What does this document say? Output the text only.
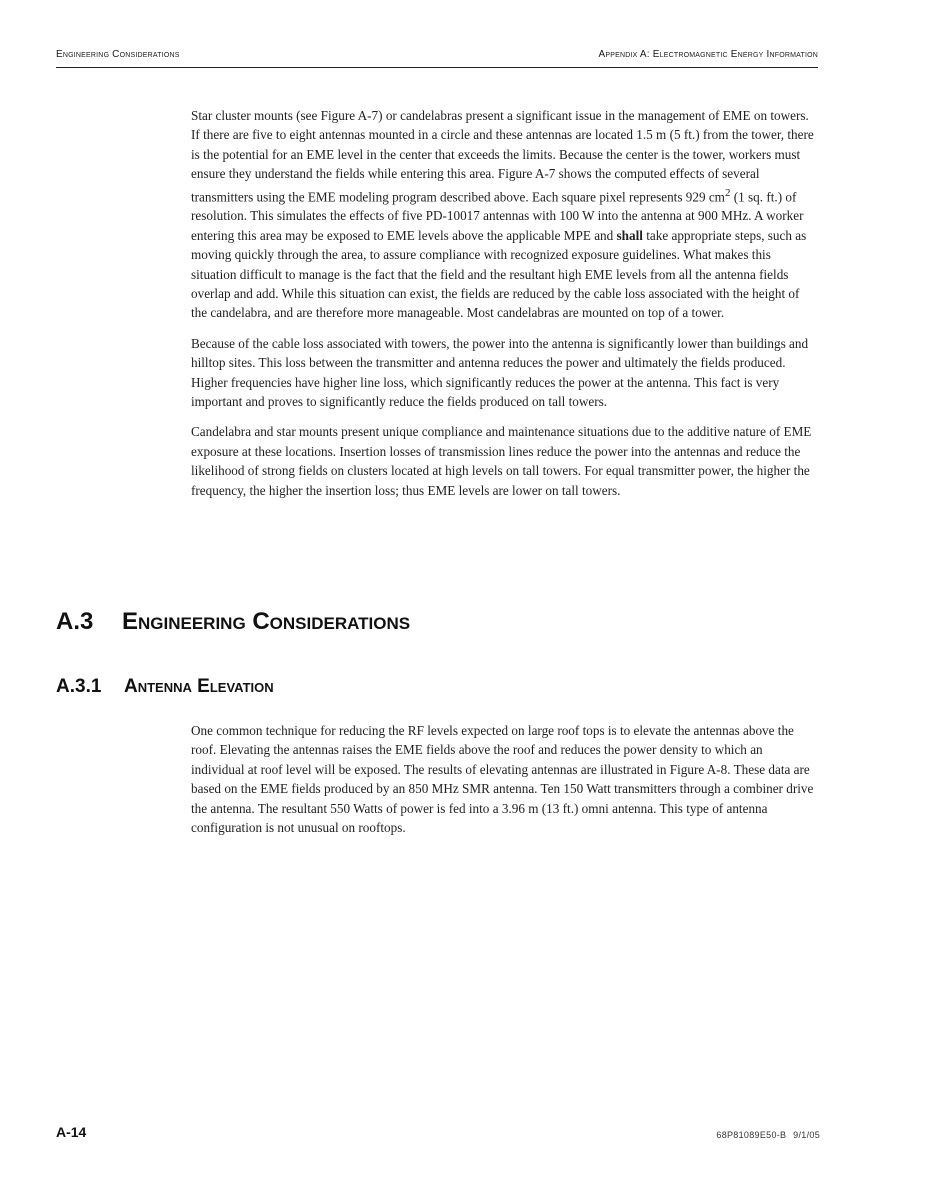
Engineering Considerations	Appendix A: Electromagnetic Energy Information

Star cluster mounts (see Figure A-7) or candelabras present a significant issue in the management of EME on towers. If there are five to eight antennas mounted in a circle and these antennas are located 1.5 m (5 ft.) from the tower, there is the potential for an EME level in the center that exceeds the limits. Because the center is the tower, workers must ensure they understand the fields while entering this area. Figure A-7 shows the computed effects of several transmitters using the EME modeling program described above. Each square pixel represents 929 $cm^2$ (1 sq. ft.) of resolution. This simulates the effects of five PD-10017 antennas with 100 W into the antenna at 900 MHz. A worker entering this area may be exposed to EME levels above the applicable MPE and shall take appropriate steps, such as moving quickly through the area, to assure compliance with recognized exposure guidelines. What makes this situation difficult to manage is the fact that the field and the resultant high EME levels from all the antenna fields overlap and add. While this situation can exist, the fields are reduced by the cable loss associated with the height of the candelabra, and are therefore more manageable. Most candelabras are mounted on top of a tower.

Because of the cable loss associated with towers, the power into the antenna is significantly lower than buildings and hilltop sites. This loss between the transmitter and antenna reduces the power and ultimately the fields produced. Higher frequencies have higher line loss, which significantly reduces the power at the antenna. This fact is very important and proves to significantly reduce the fields produced on tall towers.

Candelabra and star mounts present unique compliance and maintenance situations due to the additive nature of EME exposure at these locations. Insertion losses of transmission lines reduce the power into the antennas and reduce the likelihood of strong fields on clusters located at high levels on tall towers. For equal transmitter power, the higher the frequency, the higher the insertion loss; thus EME levels are lower on tall towers.

A.3 Engineering Considerations
A.3.1 Antenna Elevation

One common technique for reducing the RF levels expected on large roof tops is to elevate the antennas above the roof. Elevating the antennas raises the EME fields above the roof and reduces the power density to which an individual at roof level will be exposed. The results of elevating antennas are illustrated in Figure A-8. These data are based on the EME fields produced by an 850 MHz SMR antenna. Ten 150 Watt transmitters through a combiner drive the antenna. The resultant 550 Watts of power is fed into a 3.96 m (13 ft.) omni antenna. This type of antenna configuration is not unusual on rooftops.

A-14	68P81089E50-B 9/1/05
